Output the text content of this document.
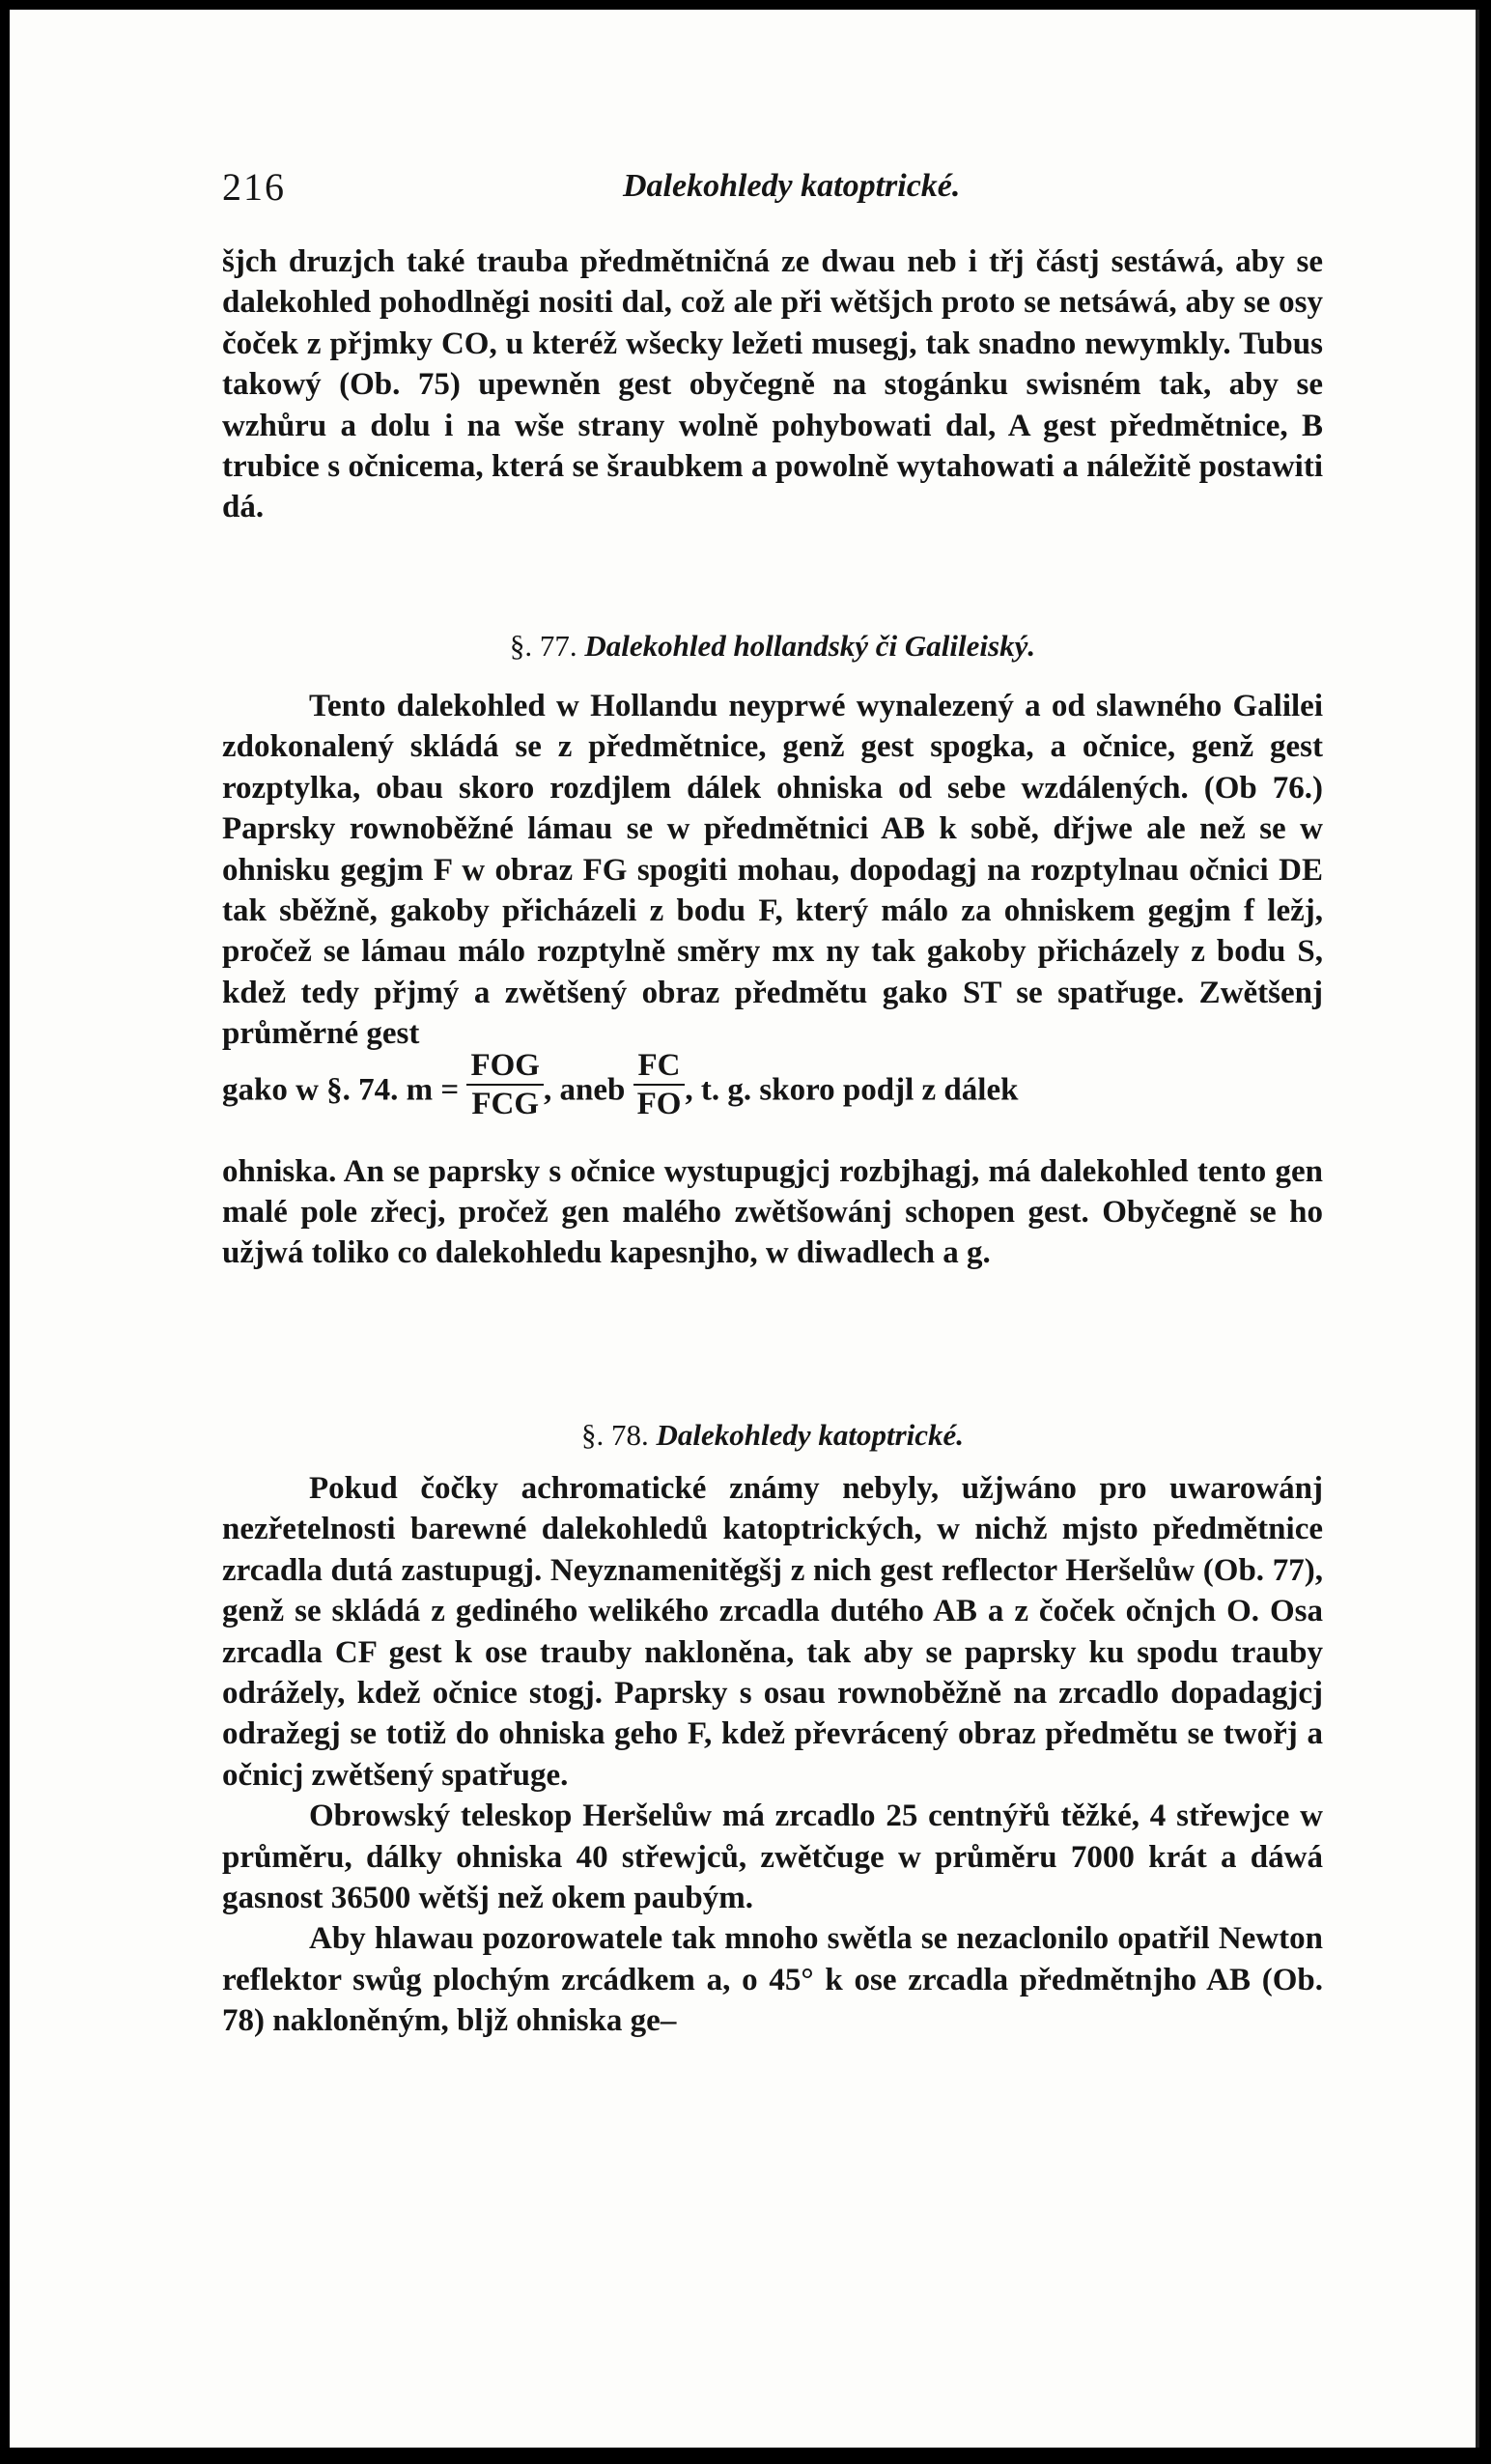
216	Dalekohledy katoptrické.

šjch druzjch také trauba předmětničná ze dwau neb i třj částj sestáwá, aby se dalekohled pohodlněgi nositi dal, což ale při wětšjch proto se netsáwá, aby se osy čoček z přjmky CO, u kteréž wšecky ležeti musegj, tak snadno newymkly. Tubus takowý (Ob. 75) upewněn gest obyčegně na stogánku swisném tak, aby se wzhůru a dolu i na wše strany wolně pohybowati dal, A gest předmětnice, B trubice s očnicema, která se šraubkem a powolně wytahowati a náležitě postawiti dá.

§. 77. Dalekohled hollandský či Galileiský.

Tento dalekohled w Hollandu neyprwé wynalezený a od slawného Galilei zdokonalený skládá se z předmětnice, genž gest spogka, a očnice, genž gest rozptylka, obau skoro rozdjlem dálek ohniska od sebe wzdálených. (Ob 76.) Paprsky rownoběžné lámau se w předmětnici AB k sobě, dřjwe ale než se w ohnisku gegjm F w obraz FG spogiti mohau, dopodagj na rozptylnau očnici DE tak sběžně, gakoby přicházeli z bodu F, který málo za ohniskem gegjm f ležj, pročež se lámau málo rozptylně směry mx ny tak gakoby přicházely z bodu S, kdež tedy přjmý a zwětšený obraz předmětu gako ST se spatřuge. Zwětšenj průměrné gest

gako w §. 74. $m = \frac{\text{FOG}}{\text{FCG}}$ , aneb $\frac{FC}{FO}$ , t. g. skoro podjl z dálek

ohniska. An se paprsky s očnice wystupugjcj rozbjhagj, má dalekohled tento gen malé pole zřecj, pročež gen malého zwětšowánj schopen gest. Obyčegně se ho užjwá toliko co dalekohledu kapesnjho, w diwadlech a g.

§. 78. Dalekohledy katoptrické.

Pokud čočky achromatické známy nebyly, užjwáno pro uwarowánj nezřetelnosti barewné dalekohledů katoptrických, w nichž mjsto předmětnice zrcadla dutá zastupugj. Neyznamenitěgšj z nich gest reflector Heršelůw (Ob. 77), genž se skládá z gediného welikého zrcadla dutého AB a z čoček očnjch O. Osa zrcadla CF gest k ose trauby nakloněna, tak aby se paprsky ku spodu trauby odrážely, kdež očnice stogj. Paprsky s osau rownoběžně na zrcadlo dopadagjcj odražegj se totiž do ohniska geho F, kdež převrácený obraz předmětu se twořj a očnicj zwětšený spatřuge.

Obrowský teleskop Heršelůw má zrcadlo 25 centnýřů těžké, 4 střewjce w průměru, dálky ohniska 40 střewjců, zwětčuge w průměru 7000 krát a dáwá gasnost 36500 wětšj než okem paubým.

Aby hlawau pozorowatele tak mnoho swětla se nezaclonilo opatřil Newton reflektor swůg plochým zrcádkem a, o 45° k ose zrcadla předmětnjho AB (Ob. 78) nakloněným, bljž ohniska ge–
